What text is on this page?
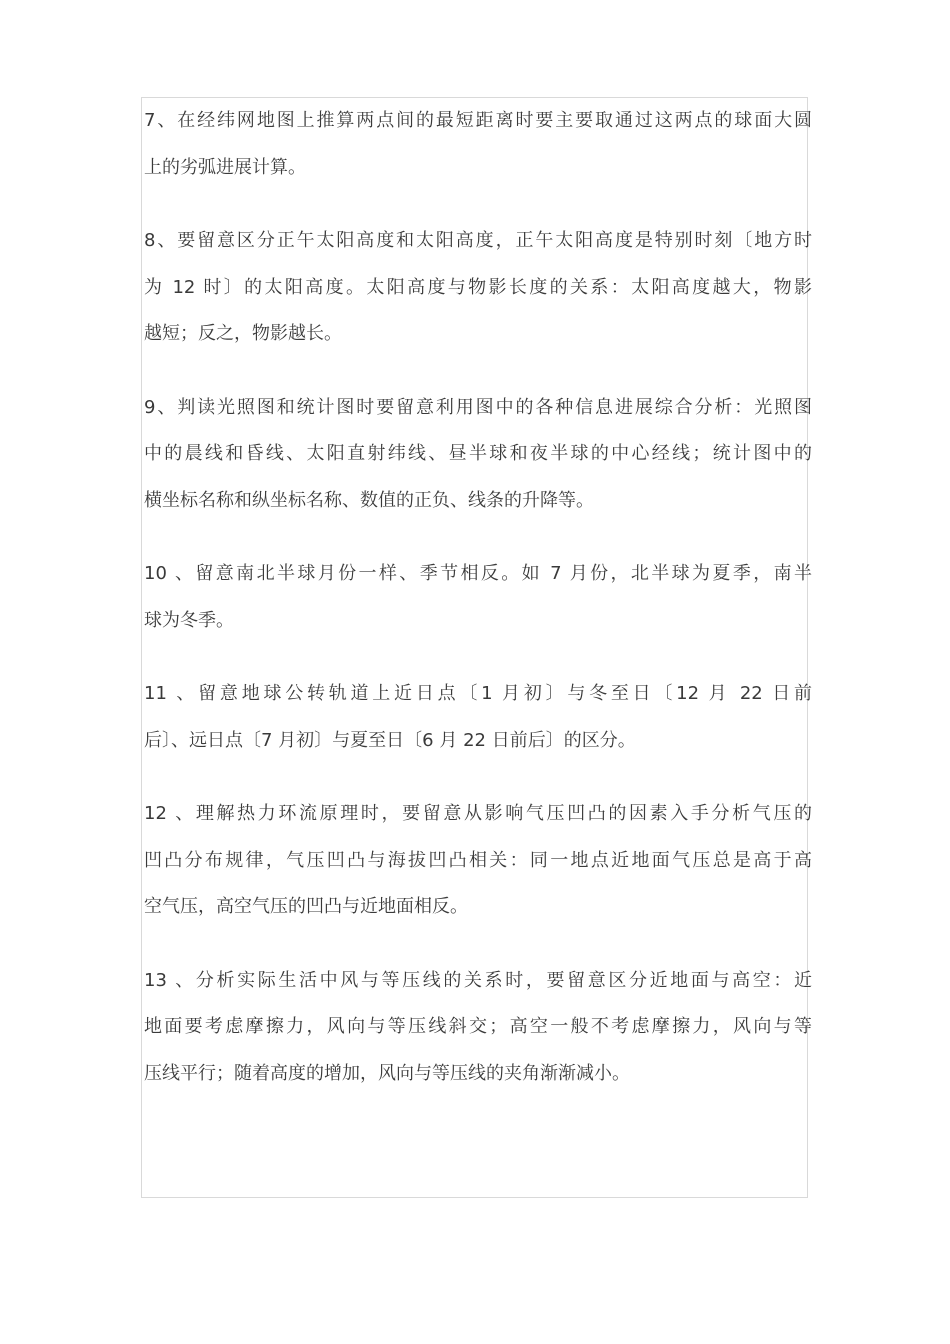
7、在经纬网地图上推算两点间的最短距离时要主要取通过这两点的球面大圆
上的劣弧进展计算。
8、要留意区分正午太阳高度和太阳高度，正午太阳高度是特别时刻〔地方时
为 12 时〕的太阳高度。太阳高度与物影长度的关系：太阳高度越大，物影
越短；反之，物影越长。
9、判读光照图和统计图时要留意利用图中的各种信息进展综合分析：光照图
中的晨线和昏线、太阳直射纬线、昼半球和夜半球的中心经线；统计图中的
横坐标名称和纵坐标名称、数值的正负、线条的升降等。
10 、留意南北半球月份一样、季节相反。如 7 月份，北半球为夏季，南半
球为冬季。
11 、留意地球公转轨道上近日点〔1 月初〕与冬至日〔12 月 22 日前
后〕、远日点〔7 月初〕与夏至日〔6 月 22 日前后〕的区分。
12 、理解热力环流原理时，要留意从影响气压凹凸的因素入手分析气压的
凹凸分布规律，气压凹凸与海拔凹凸相关：同一地点近地面气压总是高于高
空气压，高空气压的凹凸与近地面相反。
13 、分析实际生活中风与等压线的关系时，要留意区分近地面与高空：近
地面要考虑摩擦力，风向与等压线斜交；高空一般不考虑摩擦力，风向与等
压线平行；随着高度的增加，风向与等压线的夹角渐渐减小。
